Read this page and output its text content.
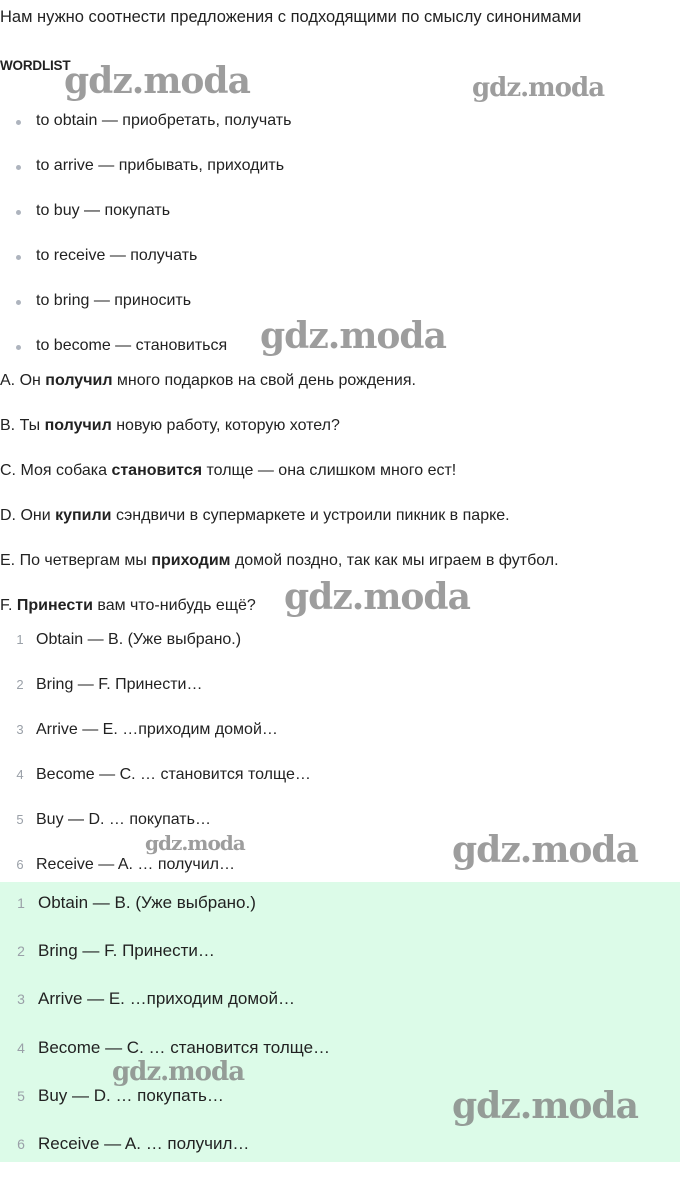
Нам нужно соотнести предложения с подходящими по смыслу синонимами
WORDLIST
to obtain — приобретать, получать
to arrive — прибывать, приходить
to buy — покупать
to receive — получать
to bring — приносить
to become — становиться
A. Он получил много подарков на свой день рождения.
B. Ты получил новую работу, которую хотел?
C. Моя собака становится толще — она слишком много ест!
D. Они купили сэндвичи в супермаркете и устроили пикник в парке.
E. По четвергам мы приходим домой поздно, так как мы играем в футбол.
F. Принести вам что-нибудь ещё?
1 Obtain — B. (Уже выбрано.)
2 Bring — F. Принести…
3 Arrive — E. …приходим домой…
4 Become — C. … становится толще…
5 Buy — D. … покупать…
6 Receive — A. … получил…
1 Obtain — B. (Уже выбрано.)
2 Bring — F. Принести…
3 Arrive — E. …приходим домой…
4 Become — C. … становится толще…
5 Buy — D. … покупать…
6 Receive — A. … получил…
gdz.moda	gdz.moda
gdz.moda
gdz.moda
gdz.moda	gdz.moda
gdz.moda
gdz.moda
